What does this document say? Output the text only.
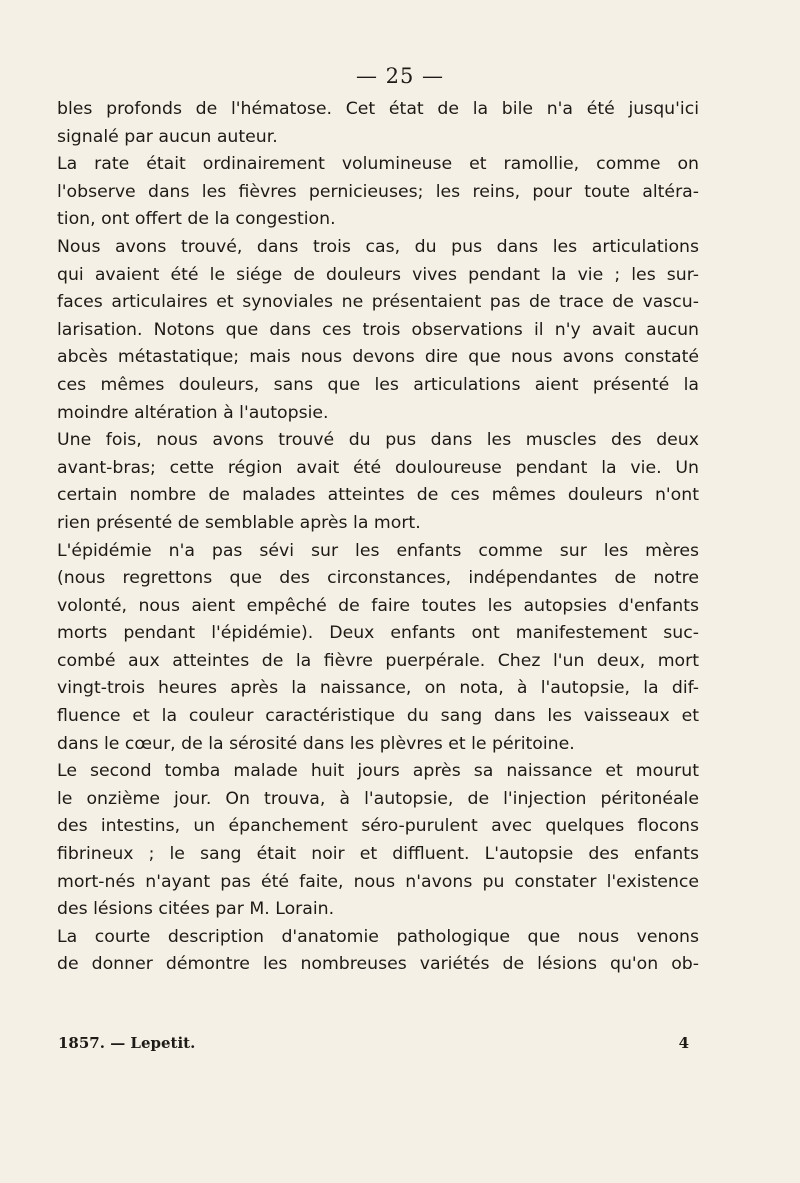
— 25 —
bles profonds de l'hématose. Cet état de la bile n'a été jusqu'ici
signalé par aucun auteur.
La rate était ordinairement volumineuse et ramollie, comme on
l'observe dans les fièvres pernicieuses; les reins, pour toute altéra-
tion, ont offert de la congestion.
Nous avons trouvé, dans trois cas, du pus dans les articulations
qui avaient été le siége de douleurs vives pendant la vie ; les sur-
faces articulaires et synoviales ne présentaient pas de trace de vascu-
larisation. Notons que dans ces trois observations il n'y avait aucun
abcès métastatique; mais nous devons dire que nous avons constaté
ces mêmes douleurs, sans que les articulations aient présenté la
moindre altération à l'autopsie.
Une fois, nous avons trouvé du pus dans les muscles des deux
avant-bras; cette région avait été douloureuse pendant la vie. Un
certain nombre de malades atteintes de ces mêmes douleurs n'ont
rien présenté de semblable après la mort.
L'épidémie n'a pas sévi sur les enfants comme sur les mères
(nous regrettons que des circonstances, indépendantes de notre
volonté, nous aient empêché de faire toutes les autopsies d'enfants
morts pendant l'épidémie). Deux enfants ont manifestement suc-
combé aux atteintes de la fièvre puerpérale. Chez l'un deux, mort
vingt-trois heures après la naissance, on nota, à l'autopsie, la dif-
fluence et la couleur caractéristique du sang dans les vaisseaux et
dans le cœur, de la sérosité dans les plèvres et le péritoine.
Le second tomba malade huit jours après sa naissance et mourut
le onzième jour. On trouva, à l'autopsie, de l'injection péritonéale
des intestins, un épanchement séro-purulent avec quelques flocons
fibrineux ; le sang était noir et diffluent. L'autopsie des enfants
mort-nés n'ayant pas été faite, nous n'avons pu constater l'existence
des lésions citées par M. Lorain.
La courte description d'anatomie pathologique que nous venons
de donner démontre les nombreuses variétés de lésions qu'on ob-
1857. — Lepetit.	4
